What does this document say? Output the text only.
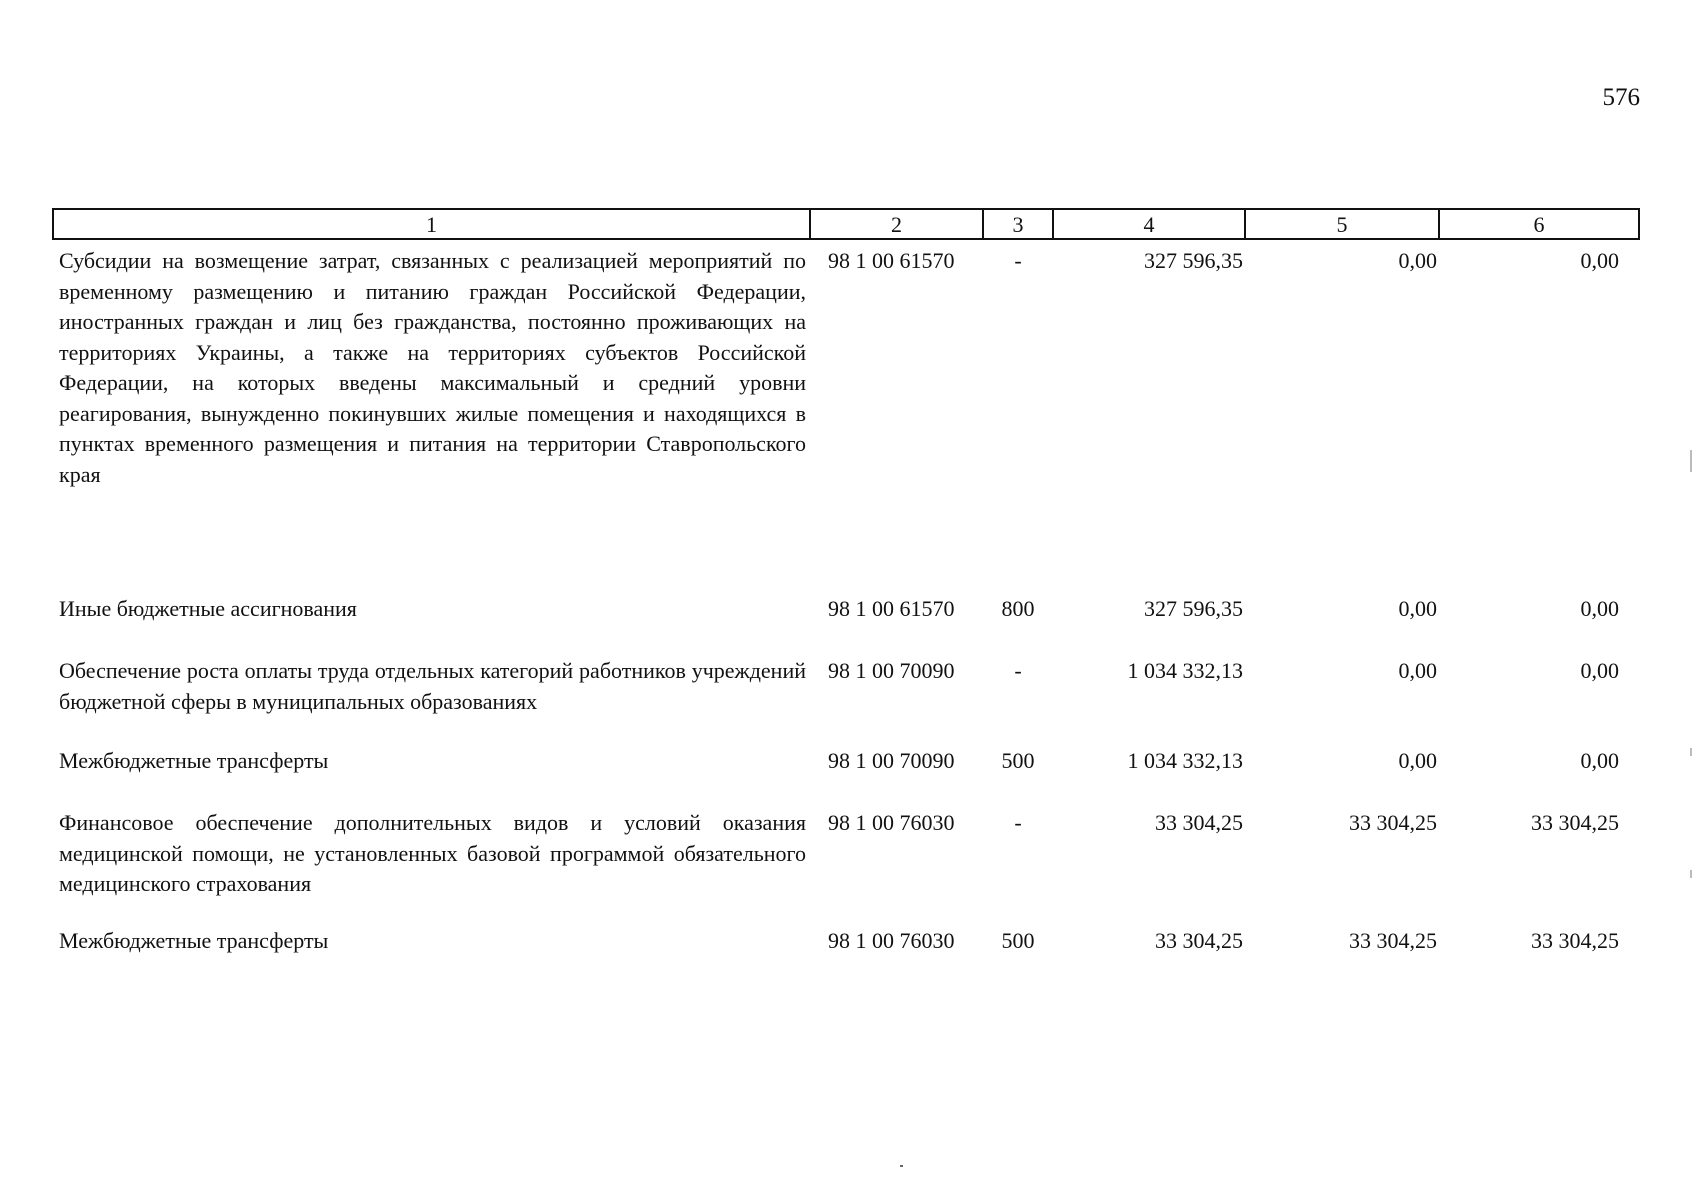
576
1	2	3	4	5	6
Субсидии на возмещение затрат, связанных с реализацией мероприятий по временному размещению и питанию граждан Российской Федерации, иностранных граждан и лиц без гражданства, постоянно проживающих на территориях Украины, а также на территориях субъектов Российской Федерации, на которых введены максимальный и средний уровни реагирования, вынужденно покинувших жилые помещения и находящихся в пунктах временного размещения и питания на территории Ставропольского края	98 1 00 61570	-	327 596,35	0,00	0,00
Иные бюджетные ассигнования	98 1 00 61570	800	327 596,35	0,00	0,00
Обеспечение роста оплаты труда отдельных категорий работников учреждений бюджетной сферы в муниципальных образованиях	98 1 00 70090	-	1 034 332,13	0,00	0,00
Межбюджетные трансферты	98 1 00 70090	500	1 034 332,13	0,00	0,00
Финансовое обеспечение дополнительных видов и условий оказания медицинской помощи, не установленных базовой программой обязательного медицинского страхования	98 1 00 76030	-	33 304,25	33 304,25	33 304,25
Межбюджетные трансферты	98 1 00 76030	500	33 304,25	33 304,25	33 304,25
